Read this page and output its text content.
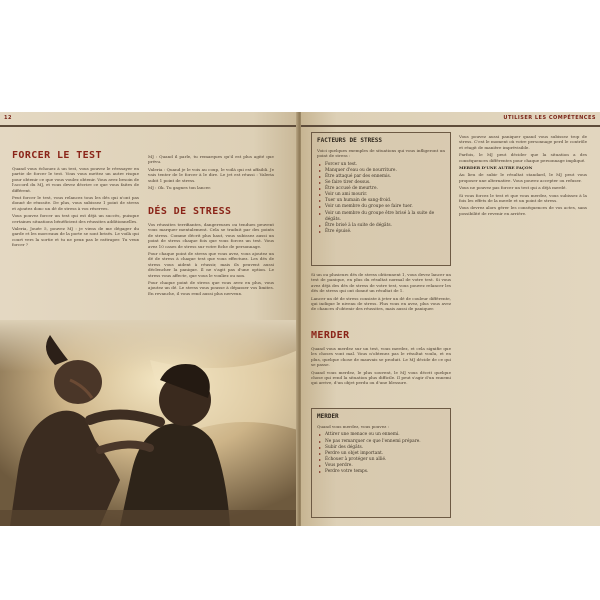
12
FORCER LE TEST

Quand vous échouez à un test, vous pouvez le réessayer en partie de forcer le test. Vous vous mettez un autre risque pour obtenir ce que vous voulez obtenir. Vous avez besoin de l'accord du MJ, et vous devez décrire ce que vous faites de différent.

Peut forcer le test, vous relancez tous les dés qui n'ont pas donné de réussite. De plus, vous subissez 1 point de stress et ajoutez donc un dé de stress à vos réserves.

Vous pouvez forcer un test qui est déjà un succès, puisque certaines situations bénéficient des réussites additionnelles.

Valeria, Jouée 5, pouvez MJ : je viens de me dégager du garde et les morceaux de la porte se sont brisés. Le voilà qui court vers la sortie et tu ne peux pas le rattraper. Tu veux forcer ?

MJ : Quand il parle, tu remarques qu'il est plus agité que prévu.

Valeria : Quand je le vois au coup, le voilà qui est affaibli. Je vais tenter de le forcer à le dire. Le jet est réussi : Valeria subit 1 point de stress.

MJ : Ok. Tu gagnes ton lancer.

DÉS DE STRESS

Vos réussites terrifiantes, dangereuses ou tendues peuvent vous marquer mentalement. Cela se traduit par des points de stress. Comme décrit plus haut, vous subissez aussi un point de stress chaque fois que vous forcez un test. Vous avez 10 cases de stress sur votre fiche de personnage.

Pour chaque point de stress que vous avez, vous ajoutez un dé de stress à chaque test que vous effectuez. Les dés de stress vous aident à réussir, mais ils peuvent aussi déclencher la panique. Il ne s'agit pas d'une option. Le stress vous affecte, que vous le vouliez ou non.

Pour chaque point de stress que vous avez en plus, vous ajoutez un dé. Le stress vous pousse à dépasser vos limites. En revanche, il vous rend aussi plus nerveux.

UTILISER LES COMPÉTENCES
FACTEURS DE STRESS
Voici quelques exemples de situations qui vous infligeront un point de stress :
▸ Forcer un test.
▸ Manquer d'eau ou de nourriture.
▸ Être attaqué par des ennemis.
▸ Se faire tirer dessus.
▸ Être accusé de meurtre.
▸ Voir un ami mourir.
▸ Tuer un humain de sang-froid.
▸ Voir un membre du groupe se faire tuer.
▸ Voir un membre du groupe être brisé à la suite de dégâts.
▸ Être brisé à la suite de dégâts.
▸ Être épuisé.

Si un ou plusieurs dés de stress obtiennent 1, vous devez lancer un test de panique, en plus du résultat normal de votre test. Si vous avez déjà des dés de stress de votre test, vous pouvez relancer les dés de stress qui ont donné un résultat de 1.

Lancer un dé de stress consiste à jeter un dé de couleur différente, qui indique le niveau de stress. Plus vous en avez, plus vous avez de chances d'obtenir des réussites, mais aussi de paniquer.

MERDER

Quand vous merdez sur un test, vous merdez, et cela signifie que les choses vont mal. Vous n'obtenez pas le résultat voulu, et en plus, quelque chose de mauvais se produit. Le MJ décide de ce qui se passe.

Quand vous merdez, le plus souvent, le MJ vous décrit quelque chose qui rend la situation plus difficile. Il peut s'agir d'un ennemi qui arrive, d'un objet perdu ou d'une blessure.

MERDER
Quand vous merdez, vous pouvez :
▸ Attirer une menace ou un ennemi.
▸ Ne pas remarquer ce que l'ennemi prépare.
▸ Subir des dégâts.
▸ Perdre un objet important.
▸ Échouer à protéger un allié.
▸ Vous perdre.
▸ Perdre votre temps.

Vous pouvez aussi paniquer quand vous subissez trop de stress. C'est le moment où votre personnage perd le contrôle et réagit de manière imprévisible.

Parfois, le MJ peut décider que la situation a des conséquences différentes pour chaque personnage impliqué.

MERDER D'UNE AUTRE FAÇON

Au lieu de subir le résultat standard, le MJ peut vous proposer une alternative. Vous pouvez accepter ou refuser.

Vous ne pouvez pas forcer un test qui a déjà merdé.

Si vous forcez le test et que vous merdez, vous subissez à la fois les effets de la merde et un point de stress.

Vous devrez alors gérer les conséquences de vos actes, sans possibilité de revenir en arrière.
